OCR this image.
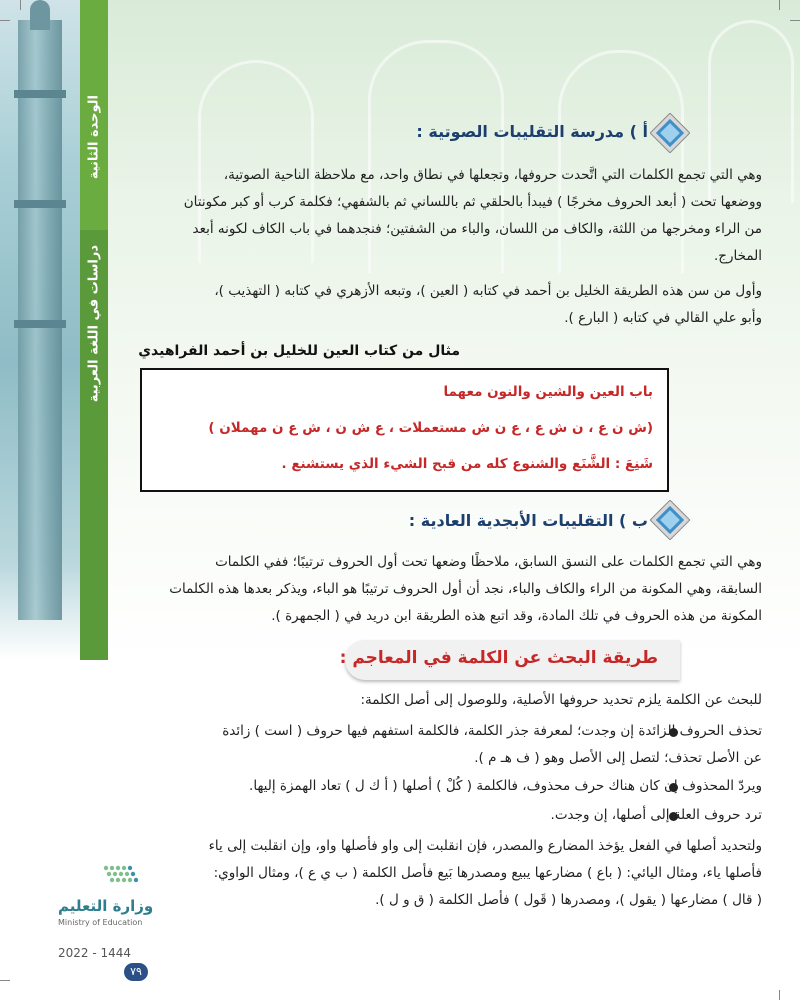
الوحدة الثانية
دراسات في اللغة العربية
أ ) مدرسة التقليبات الصوتية :
وهي التي تجمع الكلمات التي اتَّحدت حروفها، وتجعلها في نطاق واحد، مع ملاحظة الناحية الصوتية،
ووضعها تحت ( أبعد الحروف مخرجًا ) فيبدأ بالحلقي ثم باللساني ثم بالشفهي؛ فكلمة كرب أو كبر مكونتان
من الراء ومخرجها من اللثة، والكاف من اللسان، والباء من الشفتين؛ فنجدهما في باب الكاف لكونه أبعد
المخارج.
وأول من سن هذه الطريقة الخليل بن أحمد في كتابه ( العين )، وتبعه الأزهري في كتابه ( التهذيب )،
وأبو علي القالي في كتابه ( البارع ).
مثال من كتاب العين للخليل بن أحمد الفراهيدي
باب العين والشين والنون معهما
(ش ن ع ، ن ش ع ، ع ن ش مستعملات ، ع ش ن ، ش ع ن مهملان )
شَنِعَ : الشَّنَع والشنوع كله من قبح الشيء الذي يستشنع .
ب ) التقليبات الأبجدية العادية :
وهي التي تجمع الكلمات على النسق السابق، ملاحظًا وضعها تحت أول الحروف ترتيبًا؛ ففي الكلمات
السابقة، وهي المكونة من الراء والكاف والباء، نجد أن أول الحروف ترتيبًا هو الباء، ويذكر بعدها هذه الكلمات
المكونة من هذه الحروف في تلك المادة، وقد اتبع هذه الطريقة ابن دريد في ( الجمهرة ).
طريقة البحث عن الكلمة في المعاجم :
للبحث عن الكلمة يلزم تحديد حروفها الأصلية، وللوصول إلى أصل الكلمة:
تحذف الحروف الزائدة إن وجدت؛ لمعرفة جذر الكلمة، فالكلمة استفهم فيها حروف ( است ) زائدة
عن الأصل تحذف؛ لتصل إلى الأصل وهو ( ف هـ م ).
ويردّ المحذوف إن كان هناك حرف محذوف، فالكلمة ( كُلْ ) أصلها ( أ ك ل ) تعاد الهمزة إليها.
ترد حروف العلة إلى أصلها، إن وجدت.
ولتحديد أصلها في الفعل يؤخذ المضارع والمصدر، فإن انقلبت إلى واو فأصلها واو، وإن انقلبت إلى ياء
فأصلها ياء، ومثال اليائي: ( باع ) مضارعها يبيع ومصدرها بَيع فأصل الكلمة ( ب ي ع )، ومثال الواوي:
( قال ) مضارعها ( يقول )، ومصدرها ( قَول ) فأصل الكلمة ( ق و ل ).
وزارة التعليم
Ministry of Education
2022 - 1444
٧٩
